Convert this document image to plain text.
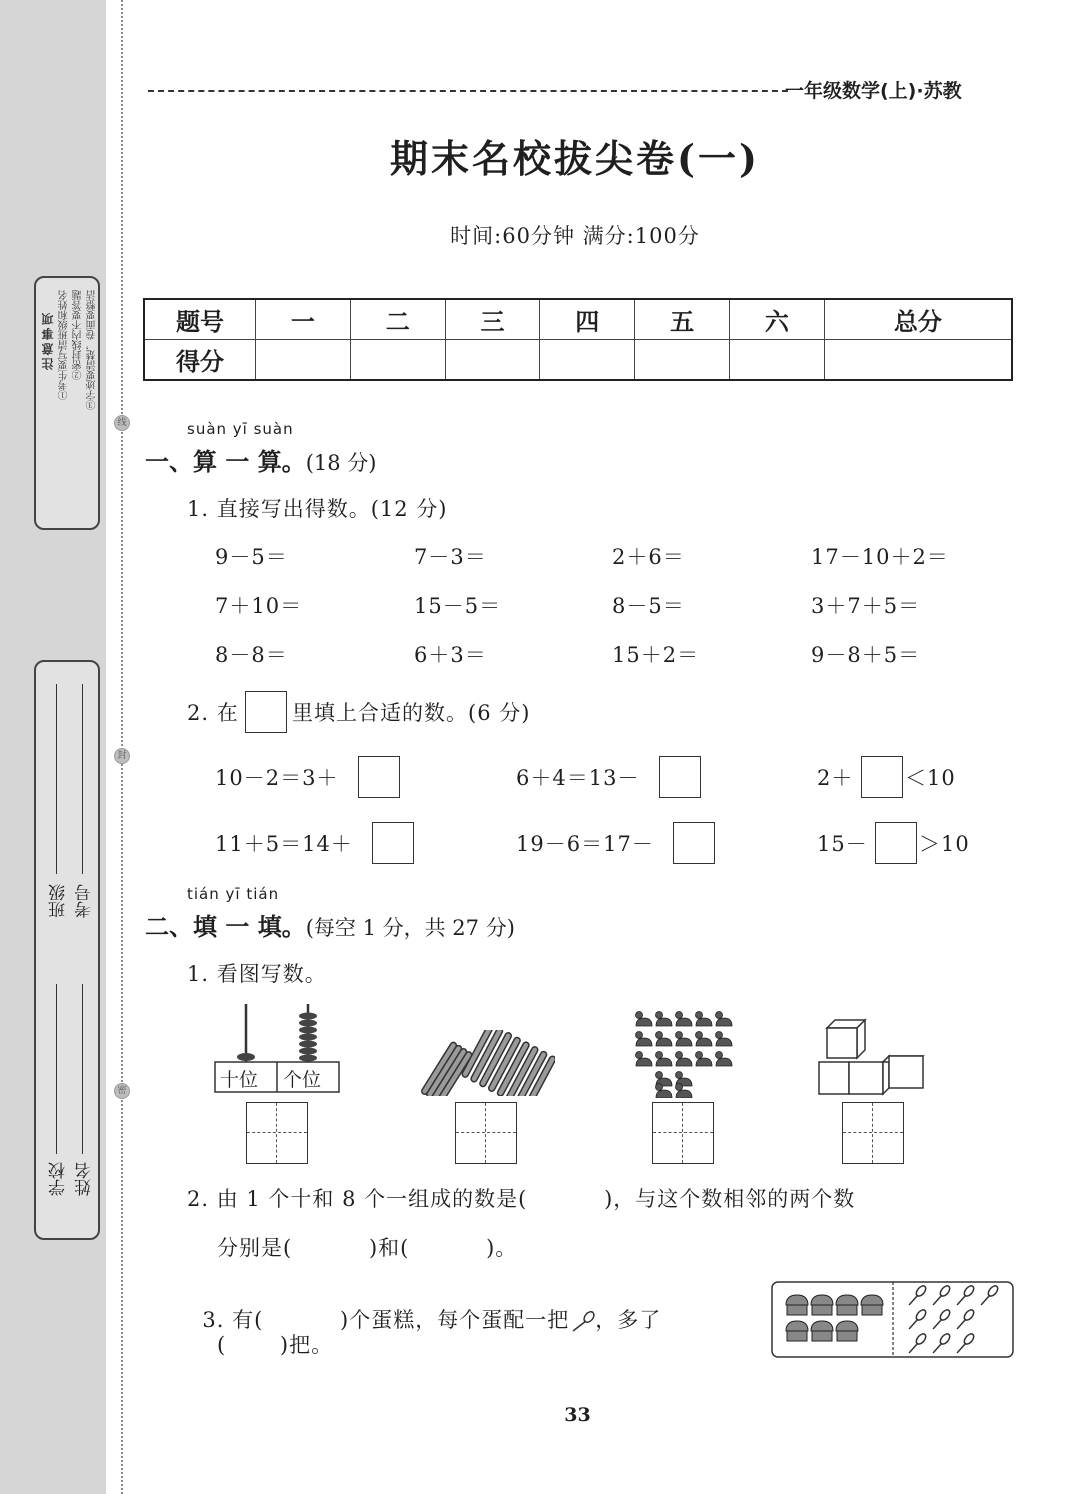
线
封
密
注意事项 ①考生要写清班级和姓名 ②密封线内不要答题 ③字迹要清楚，卷面要整洁
学校 姓名
班级 考号
一年级数学(上)·苏教
期末名校拔尖卷(一)
时间:60分钟 满分:100分
题号	一	二	三	四	五	六	总分
得分							
suàn yī suàn
一、算 一 算。(18 分)
1. 直接写出得数。(12 分)
9－5＝	7－3＝	2＋6＝	17－10＋2＝
7＋10＝	15－5＝	8－5＝	3＋7＋5＝
8－8＝	6＋3＝	15＋2＝	9－8＋5＝
2. 在	里填上合适的数。(6 分)
10－2＝3＋	6＋4＝13－	2＋ ＜10
11＋5＝14＋	19－6＝17－	15－ ＞10
tián yī tián
二、填 一 填。(每空 1 分，共 27 分)
1. 看图写数。
十位 个位
2. 由 1 个十和 8 个一组成的数是(          )，与这个数相邻的两个数
分别是(          )和(          )。

3. 有(          )个蛋糕，每个蛋配一把 ，多了

(       )把。
33
